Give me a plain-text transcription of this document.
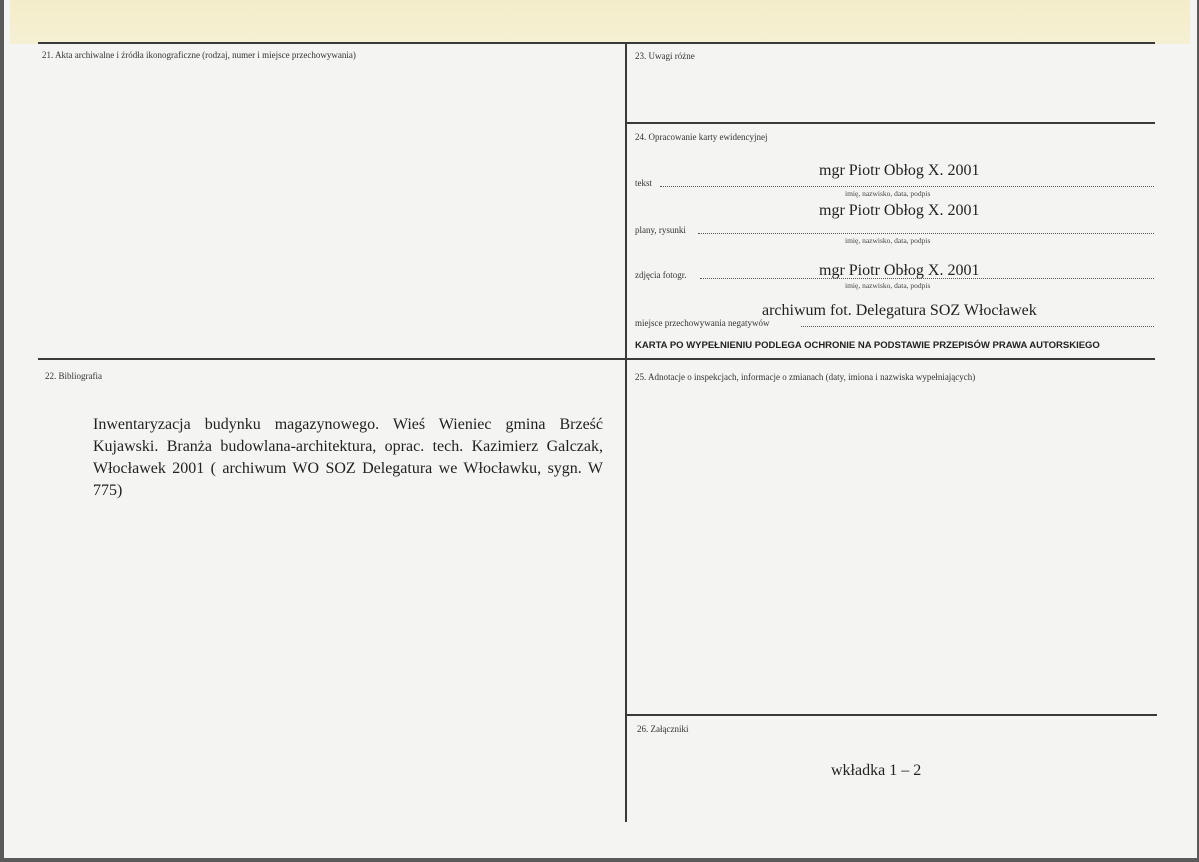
21. Akta archiwalne i źródła ikonograficzne (rodzaj, numer i miejsce przechowywania)
22. Bibliografia
Inwentaryzacja budynku magazynowego. Wieś Wieniec gmina Brześć Kujawski. Branża budowlana-architektura, oprac. tech. Kazimierz Galczak, Włocławek 2001 ( archiwum WO SOZ Delegatura we Włocławku, sygn. W 775)
23. Uwagi różne
24. Opracowanie karty ewidencyjnej
mgr Piotr Obłog X. 2001
tekst
imię, nazwisko, data, podpis
mgr Piotr Obłog X. 2001
plany, rysunki
imię, nazwisko, data, podpis
mgr Piotr Obłog X. 2001
zdjęcia fotogr.
imię, nazwisko, data, podpis
archiwum fot. Delegatura SOZ Włocławek
miejsce przechowywania negatywów
KARTA PO WYPEŁNIENIU PODLEGA OCHRONIE NA PODSTAWIE PRZEPISÓW PRAWA AUTORSKIEGO
25. Adnotacje o inspekcjach, informacje o zmianach (daty, imiona i nazwiska wypełniających)
26. Załączniki
wkładka 1 – 2
